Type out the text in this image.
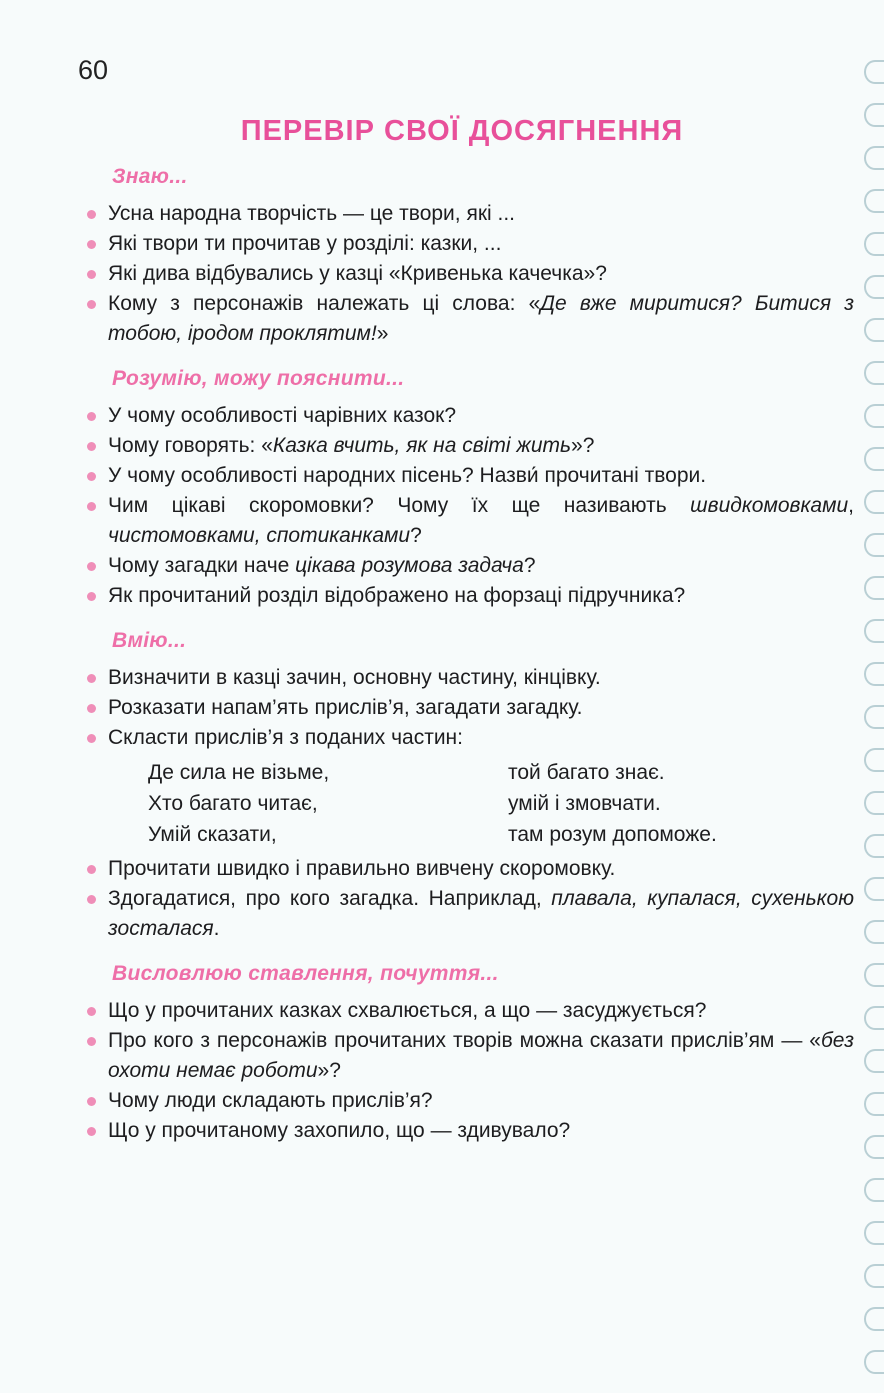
60
ПЕРЕВІР СВОЇ ДОСЯГНЕННЯ
Знаю...
Усна народна творчість — це твори, які ...
Які твори ти прочитав у розділі: казки, ...
Які дива відбувались у казці «Кривенька качечка»?
Кому з персонажів належать ці слова: «Де вже миритися? Битися з тобою, іродом проклятим!»
Розумію, можу пояснити...
У чому особливості чарівних казок?
Чому говорять: «Казка вчить, як на світі жить»?
У чому особливості народних пісень? Назви́ прочитані твори.
Чим цікаві скоромовки? Чому їх ще називають швидкомовками, чистомовками, спотиканками?
Чому загадки наче цікава розумова задача?
Як прочитаний розділ відображено на форзаці підручника?
Вмію...
Визначити в казці зачин, основну частину, кінцівку.
Розказати напам’ять прислів’я, загадати загадку.
Скласти прислів’я з поданих частин:
Де сила не візьме,	той багато знає.
Хто багато читає,	умій і змовчати.
Умій сказати,	там розум допоможе.
Прочитати швидко і правильно вивчену скоромовку.
Здогадатися, про кого загадка. Наприклад, плавала, купалася, сухенькою зосталася.
Висловлюю ставлення, почуття...
Що у прочитаних казках схвалюється, а що — засуджується?
Про кого з персонажів прочитаних творів можна сказати прислів’ям — «без охоти немає роботи»?
Чому люди складають прислів’я?
Що у прочитаному захопило, що — здивувало?
